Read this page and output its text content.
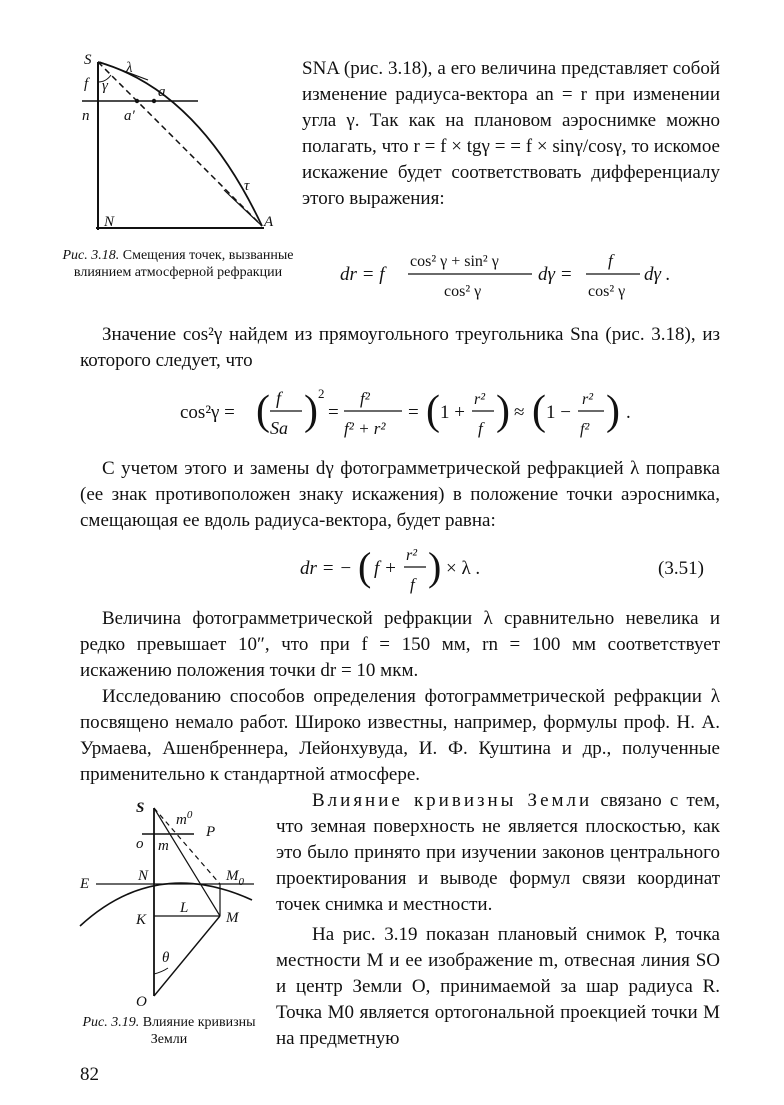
S λ
f γ
n a′
a
τ
N	A
Рис. 3.18. Смещения точек, вызванные влиянием атмосферной рефракции
SNA (рис. 3.18), а его величина представляет собой изменение радиуса-вектора an = r при изменении угла γ. Так как на плановом аэроснимке можно полагать, что r = f × tgγ = = f × sinγ/cosγ, то искомое искажение будет соответствовать дифференциалу этого выражения:
dr = f
cos² γ + sin² γ
cos² γ
dγ =
f
cos² γ
dγ .
Значение cos²γ найдем из прямоугольного треугольника Sna (рис. 3.18), из которого следует, что
cos²γ = ( f
Sa ) 2
=
f²
f² + r²
= ( 1 +
r²
f ) ≈ ( 1 −
r²
f² ) .
С учетом этого и замены dγ фотограмметрической рефракцией λ поправка (ее знак противоположен знаку искажения) в положение точки аэроснимка, смещающая ее вдоль радиуса-вектора, будет равна:
dr = − ( f +
r²
f ) × λ .	(3.51)
Величина фотограмметрической рефракции λ сравнительно невелика и редко превышает 10″, что при f = 150 мм, rn = 100 мм соответствует искажению положения точки dr = 10 мкм.
Исследованию способов определения фотограмметрической рефракции λ посвящено немало работ. Широко известны, например, формулы проф. Н. А. Урмаева, Ашенбреннера, Лейонхувуда, И. Ф. Куштина и др., полученные применительно к стандартной атмосфере.
S
$m^0$
o m
P
E	N	$M_0$
K
L
M
θ
O
Рис. 3.19. Влияние кривизны Земли
Влияние кривизны Земли связано с тем, что земная поверхность не является плоскостью, как это было принято при изучении законов центрального проектирования и выводе формул связи координат точек снимка и местности.
На рис. 3.19 показан плановый снимок P, точка местности M и ее изображение m, отвесная линия SO и центр Земли O, принимаемой за шар радиуса R. Точка M0 является ортогональной проекцией точки M на предметную
82
